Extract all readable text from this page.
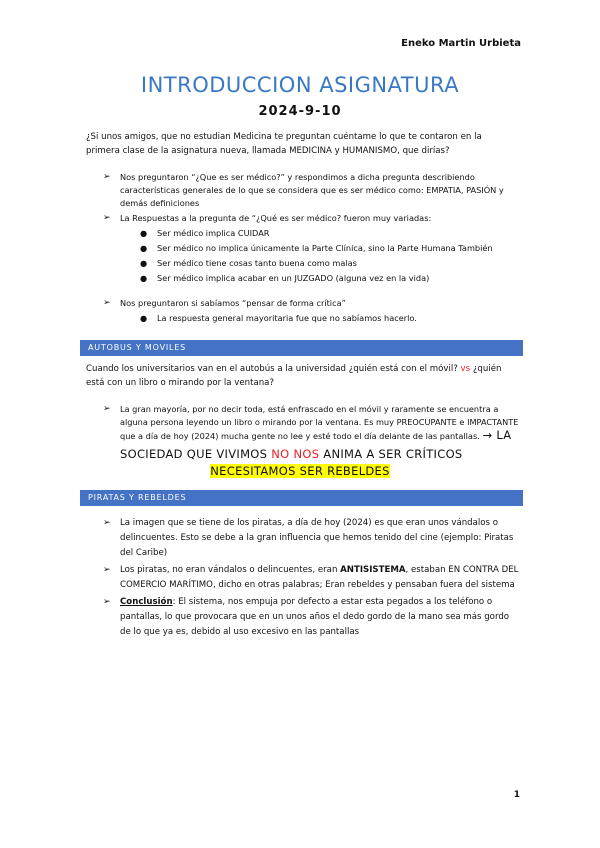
Eneko Martin Urbieta
INTRODUCCION ASIGNATURA
2024-9-10
¿Si unos amigos, que no estudian Medicina te preguntan cuéntame lo que te contaron en la primera clase de la asignatura nueva, llamada MEDICINA y HUMANISMO, que dirías?
➢ Nos preguntaron “¿Que es ser médico?” y respondimos a dicha pregunta describiendo características generales de lo que se considera que es ser médico como: EMPATIA, PASIÓN y demás definiciones
➢ La Respuestas a la pregunta de “¿Qué es ser médico? fueron muy variadas:
● Ser médico implica CUIDAR
● Ser médico no implica únicamente la Parte Clínica, sino la Parte Humana También
● Ser médico tiene cosas tanto buena como malas
● Ser médico implica acabar en un JUZGADO (alguna vez en la vida)
➢ Nos preguntaron si sabíamos “pensar de forma crítica”
● La respuesta general mayoritaria fue que no sabíamos hacerlo.
AUTOBUS Y MOVILES
Cuando los universitarios van en el autobús a la universidad ¿quién está con el móvil? vs ¿quién está con un libro o mirando por la ventana?
➢ La gran mayoría, por no decir toda, está enfrascado en el móvil y raramente se encuentra a alguna persona leyendo un libro o mirando por la ventana. Es muy PREOCUPANTE e IMPACTANTE que a día de hoy (2024) mucha gente no lee y esté todo el día delante de las pantallas. → LA
SOCIEDAD QUE VIVIMOS NO NOS ANIMA A SER CRÍTICOS
NECESITAMOS SER REBELDES
PIRATAS Y REBELDES
➢ La imagen que se tiene de los piratas, a día de hoy (2024) es que eran unos vándalos o delincuentes. Esto se debe a la gran influencia que hemos tenido del cine (ejemplo: Piratas del Caribe)
➢ Los piratas, no eran vándalos o delincuentes, eran ANTISISTEMA, estaban EN CONTRA DEL COMERCIO MARÍTIMO, dicho en otras palabras; Eran rebeldes y pensaban fuera del sistema
➢ Conclusión: El sistema, nos empuja por defecto a estar esta pegados a los teléfono o pantallas, lo que provocara que en un unos años el dedo gordo de la mano sea más gordo de lo que ya es, debido al uso excesivo en las pantallas
1
